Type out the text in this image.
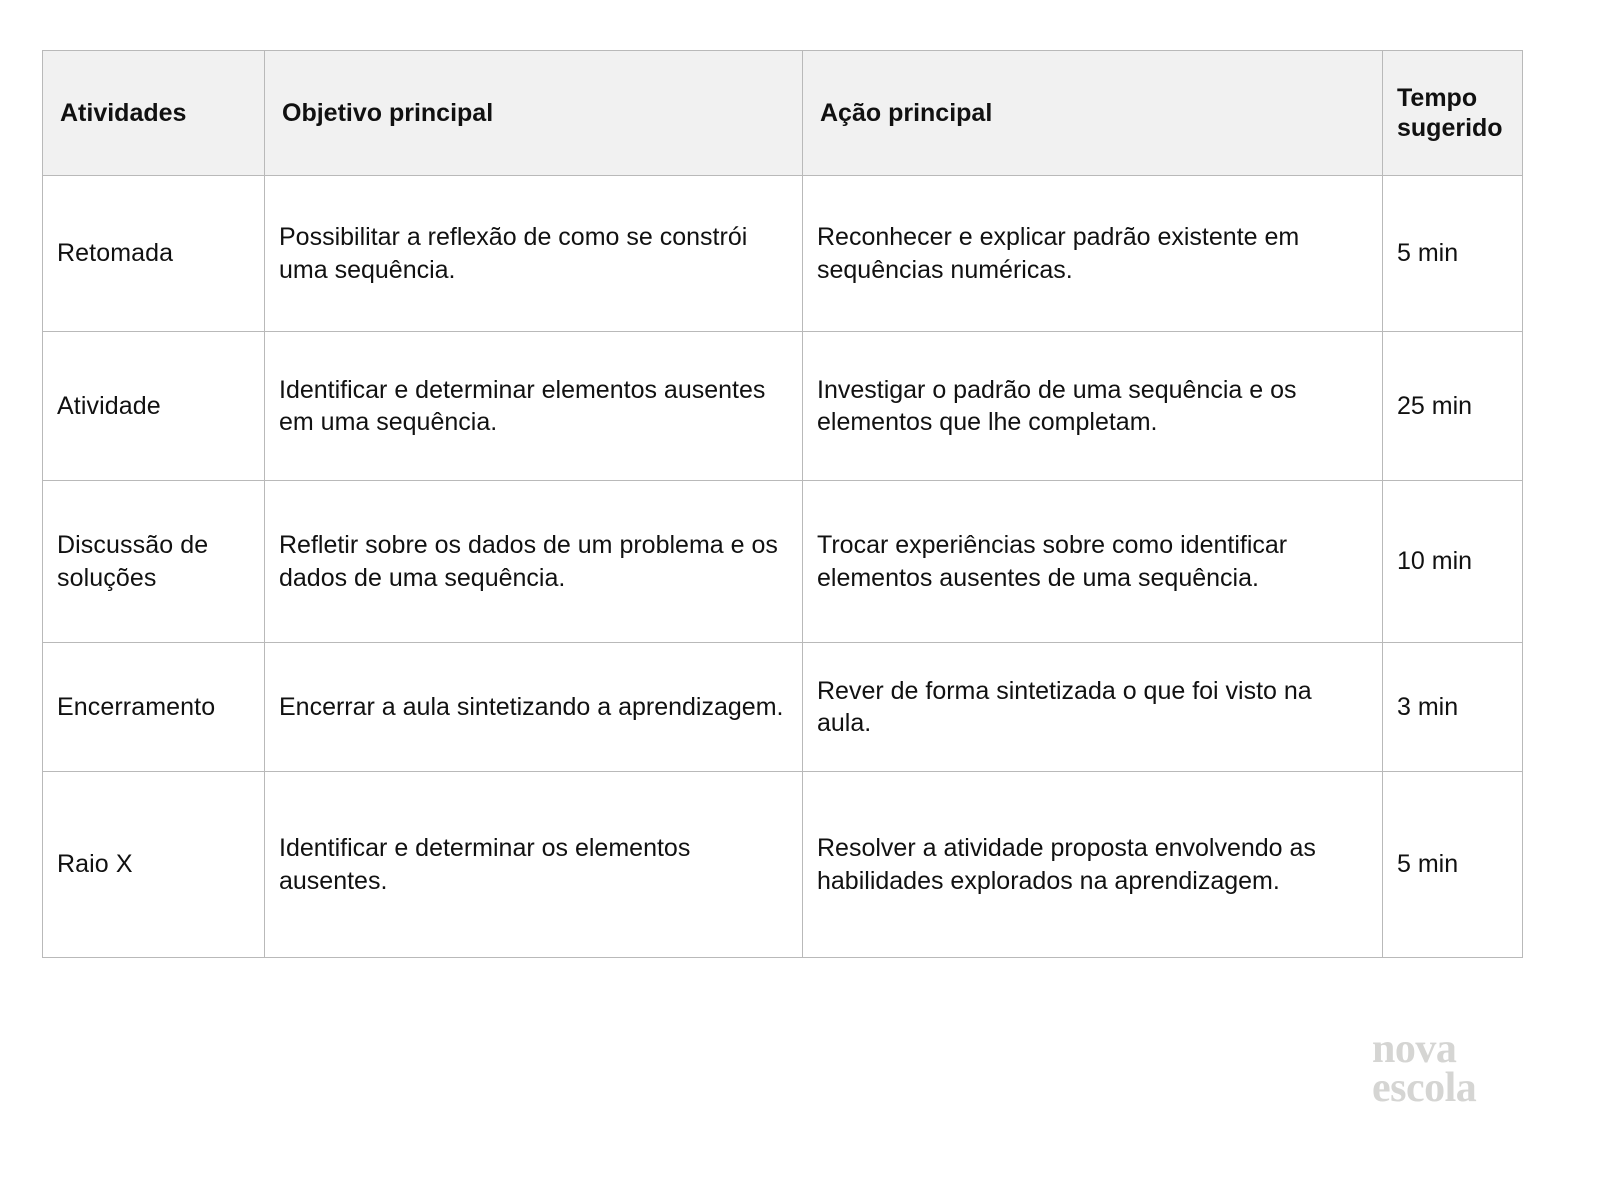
Atividades	Objetivo principal	Ação principal	Tempo sugerido
Retomada	Possibilitar a reflexão de como se constrói uma sequência.	Reconhecer e explicar padrão existente em sequências numéricas.	5 min
Atividade	Identificar e determinar elementos ausentes em uma sequência.	Investigar o padrão de uma sequência e os elementos que lhe completam.	25 min
Discussão de soluções	Refletir sobre os dados de um problema e os dados de uma sequência.	Trocar experiências sobre como identificar elementos ausentes de uma sequência.	10 min
Encerramento	Encerrar a aula sintetizando a aprendizagem.	Rever de forma sintetizada o que foi visto na aula.	3 min
Raio X	Identificar e determinar os elementos ausentes.	Resolver a atividade proposta envolvendo as habilidades explorados na aprendizagem.	5 min
nova
escola
